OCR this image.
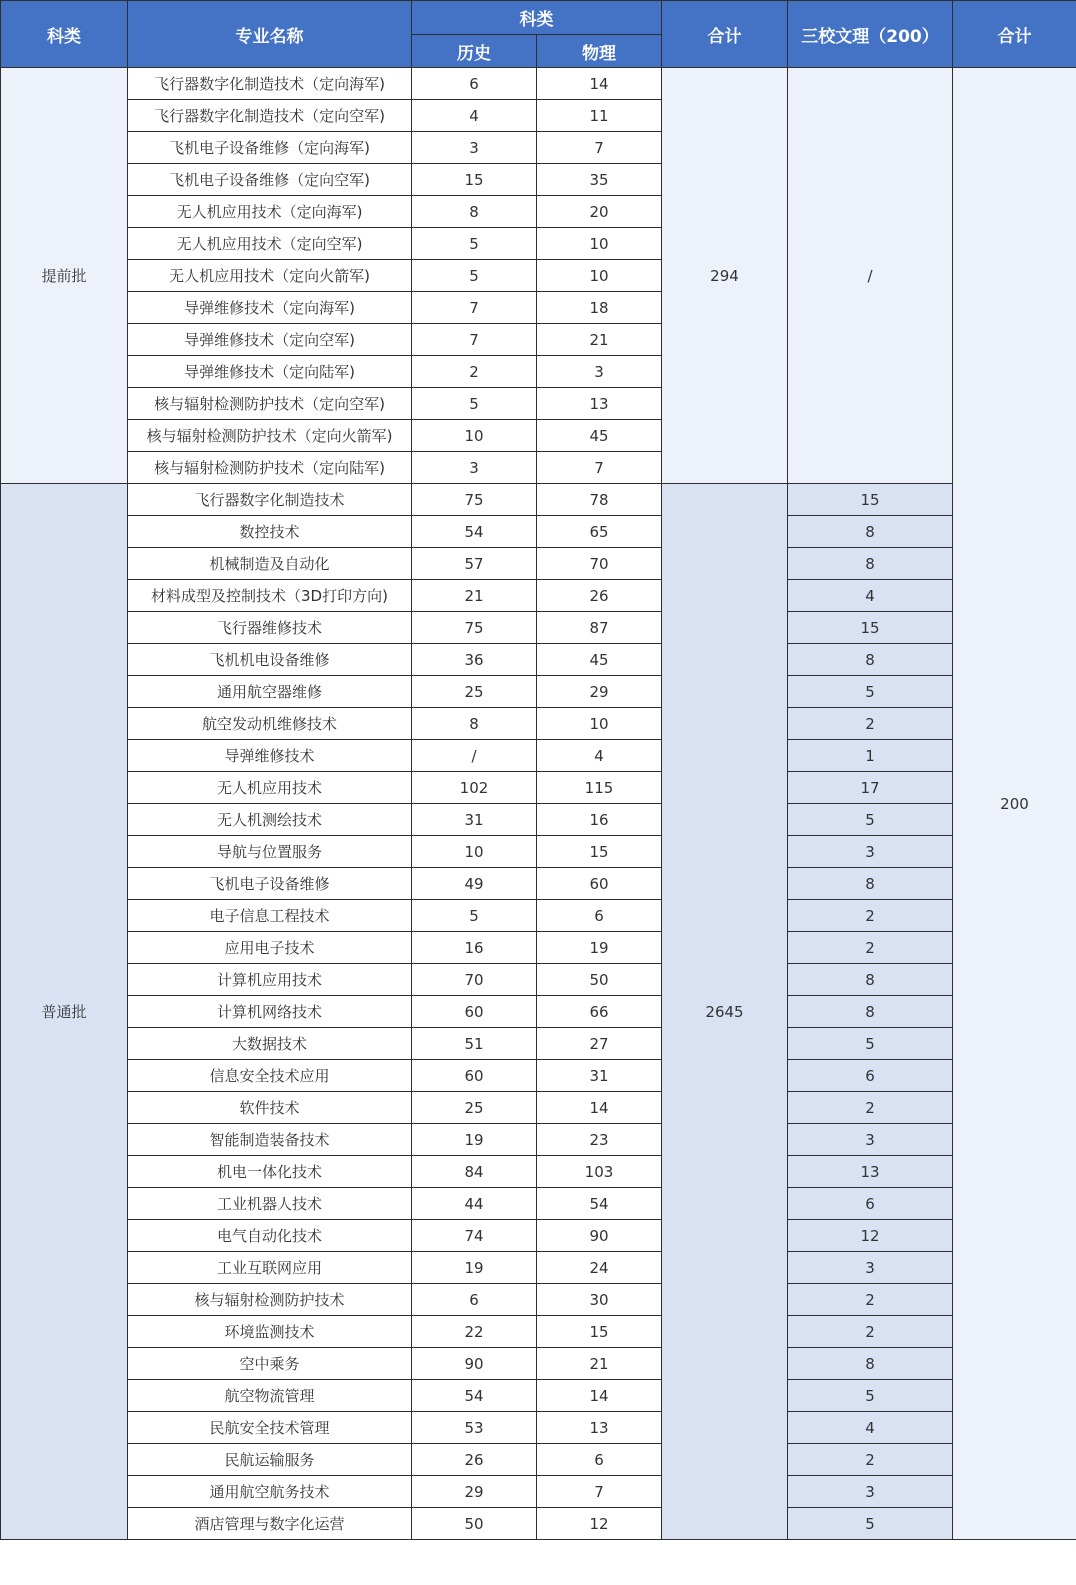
科类	专业名称	科类		合计	三校文理（200）	合计
		历史	物理			
提前批	飞行器数字化制造技术（定向海军)	6	14	294	/	200
	飞行器数字化制造技术（定向空军)	4	11			
	飞机电子设备维修（定向海军)	3	7			
	飞机电子设备维修（定向空军)	15	35			
	无人机应用技术（定向海军)	8	20			
	无人机应用技术（定向空军)	5	10			
	无人机应用技术（定向火箭军)	5	10			
	导弹维修技术（定向海军)	7	18			
	导弹维修技术（定向空军)	7	21			
	导弹维修技术（定向陆军)	2	3			
	核与辐射检测防护技术（定向空军)	5	13			
	核与辐射检测防护技术（定向火箭军)	10	45			
	核与辐射检测防护技术（定向陆军)	3	7			
普通批	飞行器数字化制造技术	75	78	2645	15	
	数控技术	54	65		8	
	机械制造及自动化	57	70		8	
	材料成型及控制技术（3D打印方向)	21	26		4	
	飞行器维修技术	75	87		15	
	飞机机电设备维修	36	45		8	
	通用航空器维修	25	29		5	
	航空发动机维修技术	8	10		2	
	导弹维修技术	/	4		1	
	无人机应用技术	102	115		17	
	无人机测绘技术	31	16		5	
	导航与位置服务	10	15		3	
	飞机电子设备维修	49	60		8	
	电子信息工程技术	5	6		2	
	应用电子技术	16	19		2	
	计算机应用技术	70	50		8	
	计算机网络技术	60	66		8	
	大数据技术	51	27		5	
	信息安全技术应用	60	31		6	
	软件技术	25	14		2	
	智能制造装备技术	19	23		3	
	机电一体化技术	84	103		13	
	工业机器人技术	44	54		6	
	电气自动化技术	74	90		12	
	工业互联网应用	19	24		3	
	核与辐射检测防护技术	6	30		2	
	环境监测技术	22	15		2	
	空中乘务	90	21		8	
	航空物流管理	54	14		5	
	民航安全技术管理	53	13		4	
	民航运输服务	26	6		2	
	通用航空航务技术	29	7		3	
	酒店管理与数字化运营	50	12		5	
